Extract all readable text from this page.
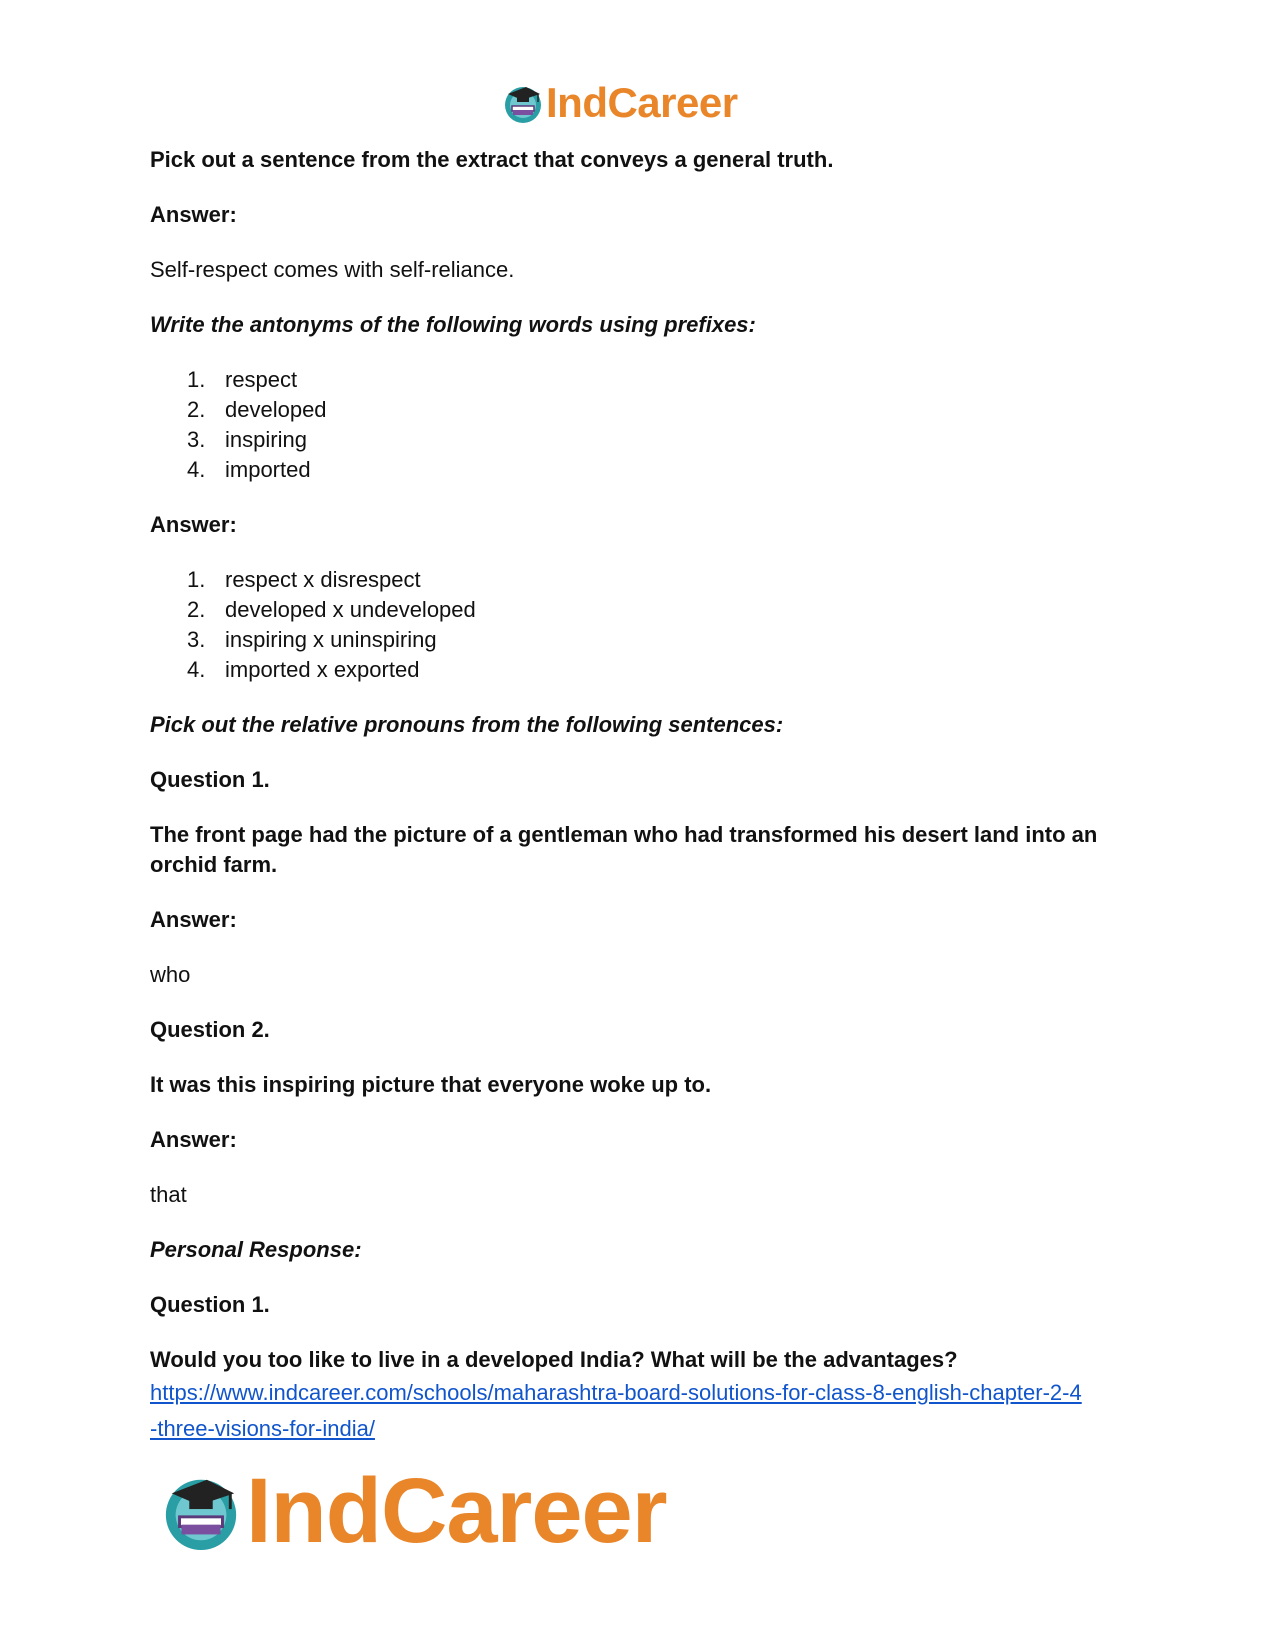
IndCareer

Pick out a sentence from the extract that conveys a general truth.

Answer:

Self-respect comes with self-reliance.

Write the antonyms of the following words using prefixes:

1. respect
2. developed
3. inspiring
4. imported

Answer:

1. respect x disrespect
2. developed x undeveloped
3. inspiring x uninspiring
4. imported x exported

Pick out the relative pronouns from the following sentences:

Question 1.

The front page had the picture of a gentleman who had transformed his desert land into an orchid farm.

Answer:

who

Question 2.

It was this inspiring picture that everyone woke up to.

Answer:

that

Personal Response:

Question 1.

Would you too like to live in a developed India? What will be the advantages?

https://www.indcareer.com/schools/maharashtra-board-solutions-for-class-8-english-chapter-2-4
-three-visions-for-india/
IndCareer
